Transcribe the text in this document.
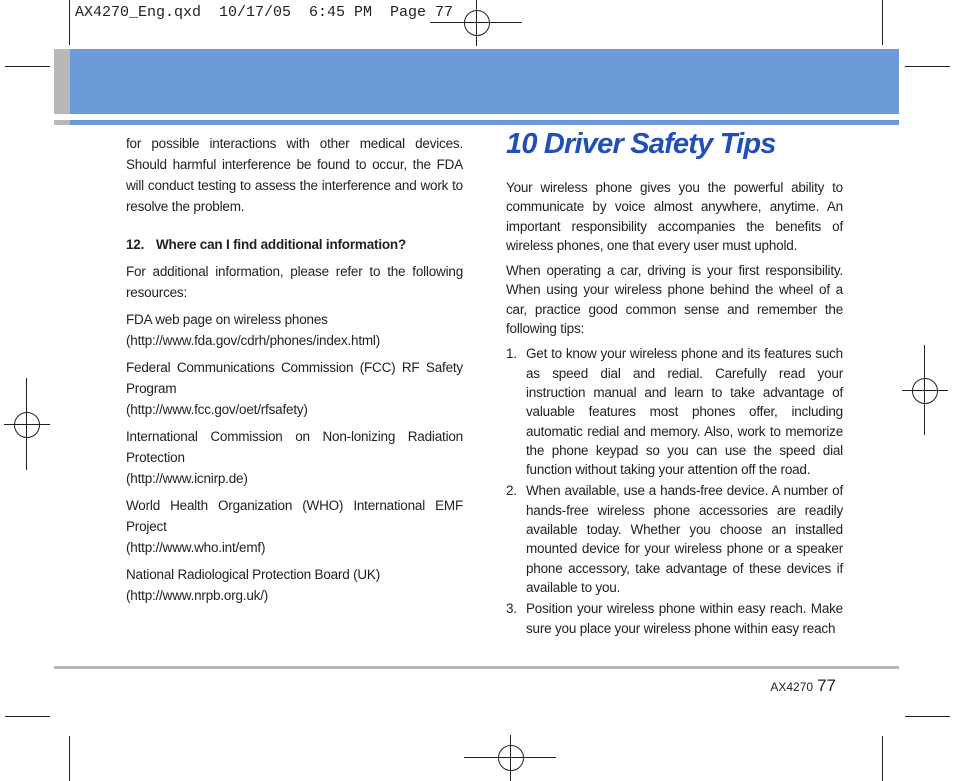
AX4270_Eng.qxd  10/17/05  6:45 PM  Page 77

for possible interactions with other medical devices. Should harmful interference be found to occur, the FDA will conduct testing to assess the interference and work to resolve the problem.

12. Where can I find additional information?

For additional information, please refer to the following resources:

FDA web page on wireless phones

(http://www.fda.gov/cdrh/phones/index.html)

Federal Communications Commission (FCC) RF Safety Program

(http://www.fcc.gov/oet/rfsafety)

International Commission on Non-lonizing Radiation Protection

(http://www.icnirp.de)

World Health Organization (WHO) International EMF Project

(http://www.who.int/emf)

National Radiological Protection Board (UK)

(http://www.nrpb.org.uk/)

10 Driver Safety Tips

Your wireless phone gives you the powerful ability to communicate by voice almost anywhere, anytime. An important responsibility accompanies the benefits of wireless phones, one that every user must uphold.

When operating a car, driving is your first responsibility. When using your wireless phone behind the wheel of a car, practice good common sense and remember the following tips:

1. Get to know your wireless phone and its features such as speed dial and redial. Carefully read your instruction manual and learn to take advantage of valuable features most phones offer, including automatic redial and memory. Also, work to memorize the phone keypad so you can use the speed dial function without taking your attention off the road.
2. When available, use a hands-free device. A number of hands-free wireless phone accessories are readily available today. Whether you choose an installed mounted device for your wireless phone or a speaker phone accessory, take advantage of these devices if available to you.
3. Position your wireless phone within easy reach. Make sure you place your wireless phone within easy reach
AX4270 77
